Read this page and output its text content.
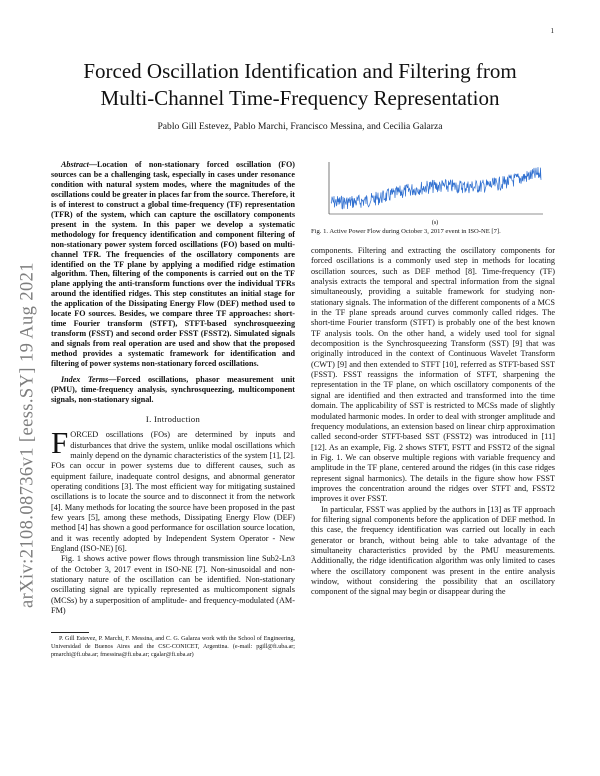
1
arXiv:2108.08736v1 [eess.SY] 19 Aug 2021
Forced Oscillation Identification and Filtering from
Multi-Channel Time-Frequency Representation
Pablo Gill Estevez, Pablo Marchi, Francisco Messina, and Cecilia Galarza

Abstract—Location of non-stationary forced oscillation (FO) sources can be a challenging task, especially in cases under resonance condition with natural system modes, where the magnitudes of the oscillations could be greater in places far from the source. Therefore, it is of interest to construct a global time-frequency (TF) representation (TFR) of the system, which can capture the oscillatory components present in the system. In this paper we develop a systematic methodology for frequency identification and component filtering of non-stationary power system forced oscillations (FO) based on multi-channel TFR. The frequencies of the oscillatory components are identified on the TF plane by applying a modified ridge estimation algorithm. Then, filtering of the components is carried out on the TF plane applying the anti-transform functions over the individual TFRs around the identified ridges. This step constitutes an initial stage for the application of the Dissipating Energy Flow (DEF) method used to locate FO sources. Besides, we compare three TF approaches: short-time Fourier transform (STFT), STFT-based synchrosqueezing transform (FSST) and second order FSST (FSST2). Simulated signals and signals from real operation are used and show that the proposed method provides a systematic framework for identification and filtering of power systems non-stationary forced oscillations.

Index Terms—Forced oscillations, phasor measurement unit (PMU), time-frequency analysis, synchrosqueezing, multicomponent signals, non-stationary signal.

I. Introduction

FORCED oscillations (FOs) are determined by inputs and disturbances that drive the system, unlike modal oscillations which mainly depend on the dynamic characteristics of the system [1], [2]. FOs can occur in power systems due to different causes, such as equipment failure, inadequate control designs, and abnormal generator operating conditions [3]. The most efficient way for mitigating sustained oscillations is to locate the source and to disconnect it from the network [4]. Many methods for locating the source have been proposed in the past few years [5], among these methods, Dissipating Energy Flow (DEF) method [4] has shown a good performance for oscillation source location, and it was recently adopted by Independent System Operator - New England (ISO-NE) [6].

Fig. 1 shows active power flows through transmission line Sub2-Ln3 of the October 3, 2017 event in ISO-NE [7]. Non-sinusoidal and non-stationary nature of the oscillation can be identified. Non-stationary oscillating signal are typically represented as multicomponent signals (MCSs) by a superposition of amplitude- and frequency-modulated (AM-FM)

P. Gill Estevez, P. Marchi, F. Messina, and C. G. Galarza work with the School of Engineering, Universidad de Buenos Aires and the CSC-CONICET, Argentina. (e-mail: pgill@fi.uba.ar; pmarchi@fi.uba.ar; fmessina@fi.uba.ar; cgalar@fi.uba.ar)

(s)
Fig. 1. Active Power Flow during October 3, 2017 event in ISO-NE [7].

components. Filtering and extracting the oscillatory components for forced oscillations is a commonly used step in methods for locating oscillation sources, such as DEF method [8]. Time-frequency (TF) analysis extracts the temporal and spectral information from the signal simultaneously, providing a suitable framework for studying non-stationary signals. The information of the different components of a MCS in the TF plane spreads around curves commonly called ridges. The short-time Fourier transform (STFT) is probably one of the best known TF analysis tools. On the other hand, a widely used tool for signal decomposition is the Synchrosqueezing Transform (SST) [9] that was originally introduced in the context of Continuous Wavelet Transform (CWT) [9] and then extended to STFT [10], referred as STFT-based SST (FSST). FSST reassigns the information of STFT, sharpening the representation in the TF plane, on which oscillatory components of the signal are identified and then extracted and transformed into the time domain. The applicability of SST is restricted to MCSs made of slightly modulated harmonic modes. In order to deal with stronger amplitude and frequency modulations, an extension based on linear chirp approximation called second-order STFT-based SST (FSST2) was introduced in [11] [12]. As an example, Fig. 2 shows STFT, FSTT and FSST2 of the signal in Fig. 1. We can observe multiple regions with variable frequency and amplitude in the TF plane, centered around the ridges (in this case ridges represent signal harmonics). The details in the figure show how FSST improves the concentration around the ridges over STFT and, FSST2 improves it over FSST.

In particular, FSST was applied by the authors in [13] as TF approach for filtering signal components before the application of DEF method. In this case, the frequency identification was carried out locally in each generator or branch, without being able to take advantage of the simultaneity characteristics provided by the PMU measurements. Additionally, the ridge identification algorithm was only limited to cases where the oscillatory component was present in the entire analysis window, without considering the possibility that an oscillatory component of the signal may begin or disappear during the
